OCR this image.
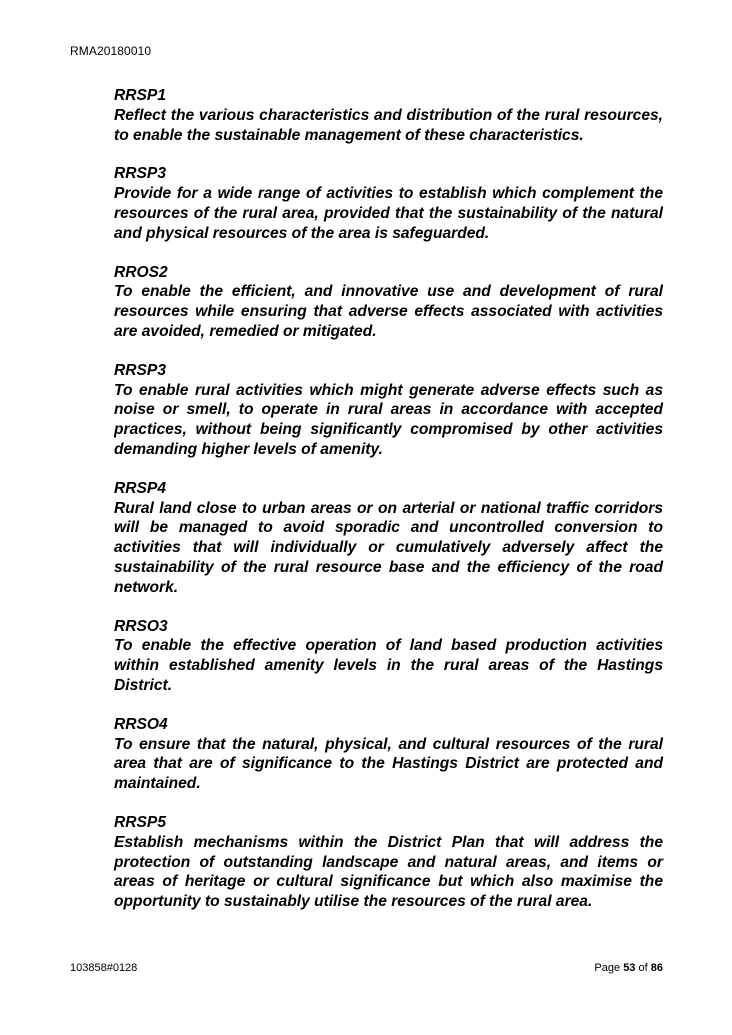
RMA20180010
RRSP1
Reflect the various characteristics and distribution of the rural resources, to enable the sustainable management of these characteristics.
RRSP3
Provide for a wide range of activities to establish which complement the resources of the rural area, provided that the sustainability of the natural and physical resources of the area is safeguarded.
RROS2
To enable the efficient, and innovative use and development of rural resources while ensuring that adverse effects associated with activities are avoided, remedied or mitigated.
RRSP3
To enable rural activities which might generate adverse effects such as noise or smell, to operate in rural areas in accordance with accepted practices, without being significantly compromised by other activities demanding higher levels of amenity.
RRSP4
Rural land close to urban areas or on arterial or national traffic corridors will be managed to avoid sporadic and uncontrolled conversion to activities that will individually or cumulatively adversely affect the sustainability of the rural resource base and the efficiency of the road network.
RRSO3
To enable the effective operation of land based production activities within established amenity levels in the rural areas of the Hastings District.
RRSO4
To ensure that the natural, physical, and cultural resources of the rural area that are of significance to the Hastings District are protected and maintained.
RRSP5
Establish mechanisms within the District Plan that will address the protection of outstanding landscape and natural areas, and items or areas of heritage or cultural significance but which also maximise the opportunity to sustainably utilise the resources of the rural area.
103858#0128	Page 53 of 86
